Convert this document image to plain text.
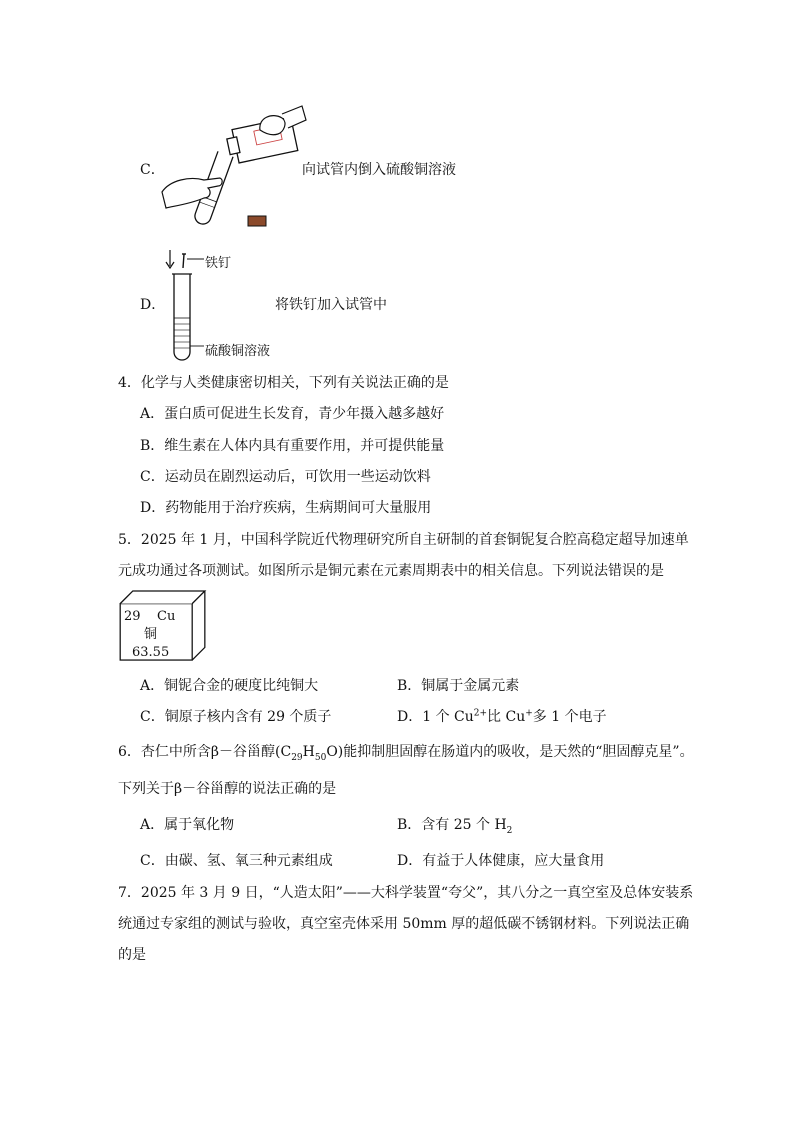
C．	向试管内倒入硫酸铜溶液
铁钉
D．	将铁钉加入试管中
硫酸铜溶液
4．化学与人类健康密切相关，下列有关说法正确的是
A．蛋白质可促进生长发育，青少年摄入越多越好
B．维生素在人体内具有重要作用，并可提供能量
C．运动员在剧烈运动后，可饮用一些运动饮料
D．药物能用于治疗疾病，生病期间可大量服用
5．2025 年 1 月，中国科学院近代物理研究所自主研制的首套铜铌复合腔高稳定超导加速单
元成功通过各项测试。如图所示是铜元素在元素周期表中的相关信息。下列说法错误的是
29 Cu
铜
63.55
A．铜铌合金的硬度比纯铜大	B．铜属于金属元素
C．铜原子核内含有 29 个质子	D．1 个 $Cu^{2+}$比 Cu+多 1 个电子
6．杏仁中所含β－谷甾醇$(C_{29}H_{50}O)$能抑制胆固醇在肠道内的吸收，是天然的“胆固醇克星”。
下列关于β－谷甾醇的说法正确的是
A．属于氧化物	B．含有 25 个 $H_2$
C．由碳、氢、氧三种元素组成	D．有益于人体健康，应大量食用
7．2025 年 3 月 9 日，“人造太阳”——大科学装置“夸父”，其八分之一真空室及总体安装系
统通过专家组的测试与验收，真空室壳体采用 50mm 厚的超低碳不锈钢材料。下列说法正确
的是
